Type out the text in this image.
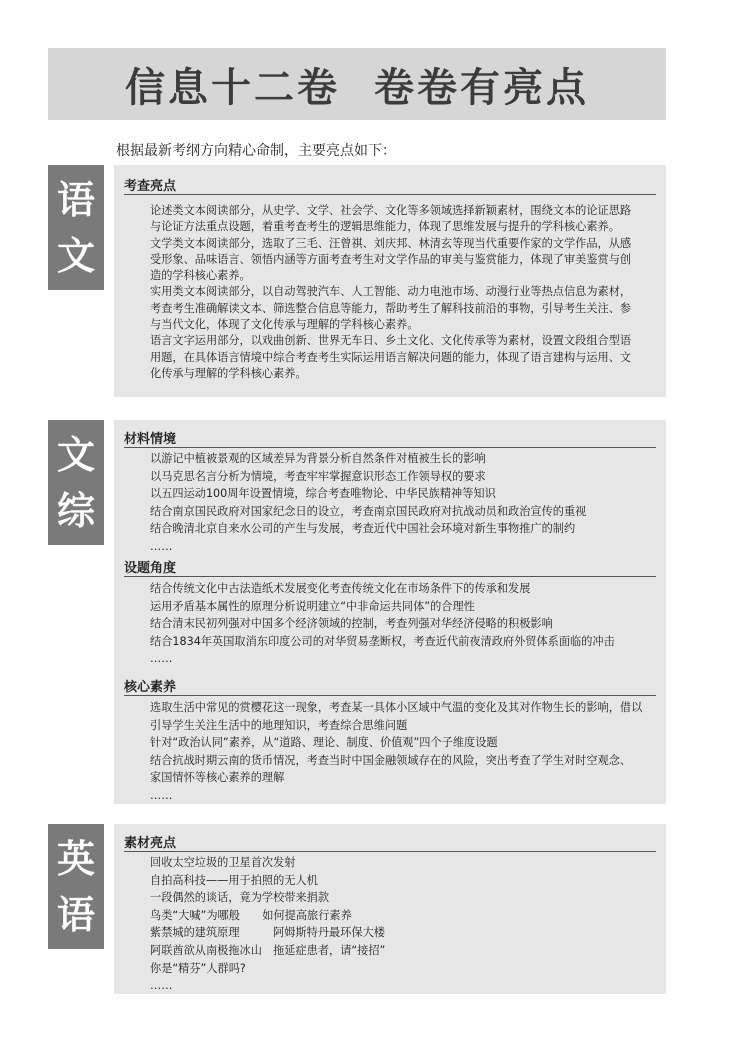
信息十二卷 卷卷有亮点
根据最新考纲方向精心命制，主要亮点如下：
语
文
考查亮点
论述类文本阅读部分，从史学、文学、社会学、文化等多领域选择新颖素材，围绕文本的论证思路
与论证方法重点设题，着重考查考生的逻辑思维能力，体现了思维发展与提升的学科核心素养。
文学类文本阅读部分，选取了三毛、汪曾祺、刘庆邦、林清玄等现当代重要作家的文学作品，从感
受形象、品味语言、领悟内涵等方面考查考生对文学作品的审美与鉴赏能力，体现了审美鉴赏与创
造的学科核心素养。
实用类文本阅读部分，以自动驾驶汽车、人工智能、动力电池市场、动漫行业等热点信息为素材，
考查考生准确解读文本、筛选整合信息等能力，帮助考生了解科技前沿的事物，引导考生关注、参
与当代文化，体现了文化传承与理解的学科核心素养。
语言文字运用部分，以戏曲创新、世界无车日、乡土文化、文化传承等为素材，设置文段组合型语
用题，在具体语言情境中综合考查考生实际运用语言解决问题的能力，体现了语言建构与运用、文
化传承与理解的学科核心素养。
文
综
材料情境
以游记中植被景观的区域差异为背景分析自然条件对植被生长的影响
以马克思名言分析为情境，考查牢牢掌握意识形态工作领导权的要求
以五四运动100周年设置情境，综合考查唯物论、中华民族精神等知识
结合南京国民政府对国家纪念日的设立，考查南京国民政府对抗战动员和政治宣传的重视
结合晚清北京自来水公司的产生与发展，考查近代中国社会环境对新生事物推广的制约
……
设题角度
结合传统文化中古法造纸术发展变化考查传统文化在市场条件下的传承和发展
运用矛盾基本属性的原理分析说明建立“中非命运共同体”的合理性
结合清末民初列强对中国多个经济领域的控制，考查列强对华经济侵略的积极影响
结合1834年英国取消东印度公司的对华贸易垄断权，考查近代前夜清政府外贸体系面临的冲击
……
核心素养
选取生活中常见的赏樱花这一现象，考查某一具体小区域中气温的变化及其对作物生长的影响，借以
引导学生关注生活中的地理知识，考查综合思维问题
针对“政治认同”素养，从“道路、理论、制度、价值观”四个子维度设题
结合抗战时期云南的货币情况，考查当时中国金融领域存在的风险，突出考查了学生对时空观念、
家国情怀等核心素养的理解
……
英
语
素材亮点
回收太空垃圾的卫星首次发射
自拍高科技——用于拍照的无人机
一段偶然的谈话，竟为学校带来捐款
鸟类“大喊”为哪般　　如何提高旅行素养
紫禁城的建筑原理　　　阿姆斯特丹最环保大楼
阿联酋欲从南极拖冰山　拖延症患者，请“接招”
你是“精芬”人群吗?
……
